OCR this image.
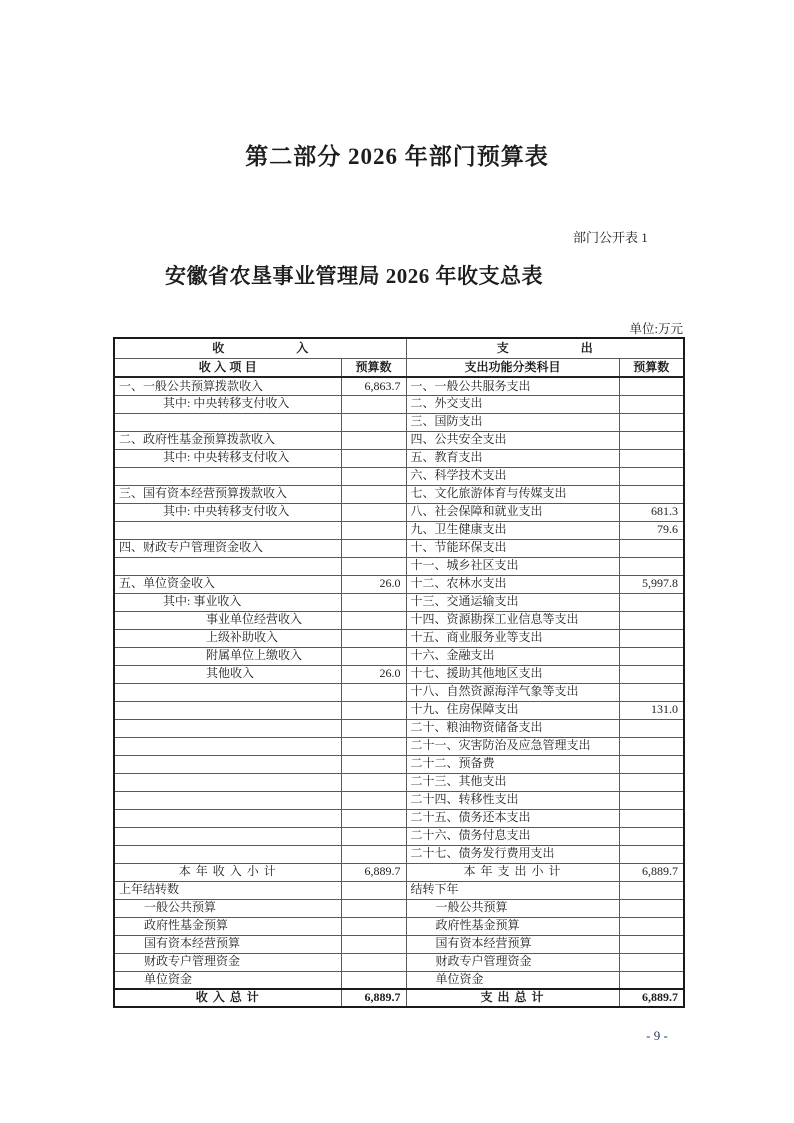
第二部分 2026 年部门预算表
部门公开表 1
安徽省农垦事业管理局 2026 年收支总表
单位:万元
收　　　　　　入		支　　　　　　出	
收 入 项 目	预算数	支出功能分类科目	预算数
一、一般公共预算拨款收入	6,863.7	一、一般公共服务支出	
其中: 中央转移支付收入		二、外交支出	
		三、国防支出	
二、政府性基金预算拨款收入		四、公共安全支出	
其中: 中央转移支付收入		五、教育支出	
		六、科学技术支出	
三、国有资本经营预算拨款收入		七、文化旅游体育与传媒支出	
其中: 中央转移支付收入		八、社会保障和就业支出	681.3
		九、卫生健康支出	79.6
四、财政专户管理资金收入		十、节能环保支出	
		十一、城乡社区支出	
五、单位资金收入	26.0	十二、农林水支出	5,997.8
其中: 事业收入		十三、交通运输支出	
事业单位经营收入		十四、资源勘探工业信息等支出	
上级补助收入		十五、商业服务业等支出	
附属单位上缴收入		十六、金融支出	
其他收入	26.0	十七、援助其他地区支出	
		十八、自然资源海洋气象等支出	
		十九、住房保障支出	131.0
		二十、粮油物资储备支出	
		二十一、灾害防治及应急管理支出	
		二十二、预备费	
		二十三、其他支出	
		二十四、转移性支出	
		二十五、债务还本支出	
		二十六、债务付息支出	
		二十七、债务发行费用支出	
本 年 收 入 小 计	6,889.7	本 年 支 出 小 计	6,889.7
上年结转数		结转下年	
一般公共预算		一般公共预算	
政府性基金预算		政府性基金预算	
国有资本经营预算		国有资本经营预算	
财政专户管理资金		财政专户管理资金	
单位资金		单位资金	
收 入 总 计	6,889.7	支 出 总 计	6,889.7
- 9 -
